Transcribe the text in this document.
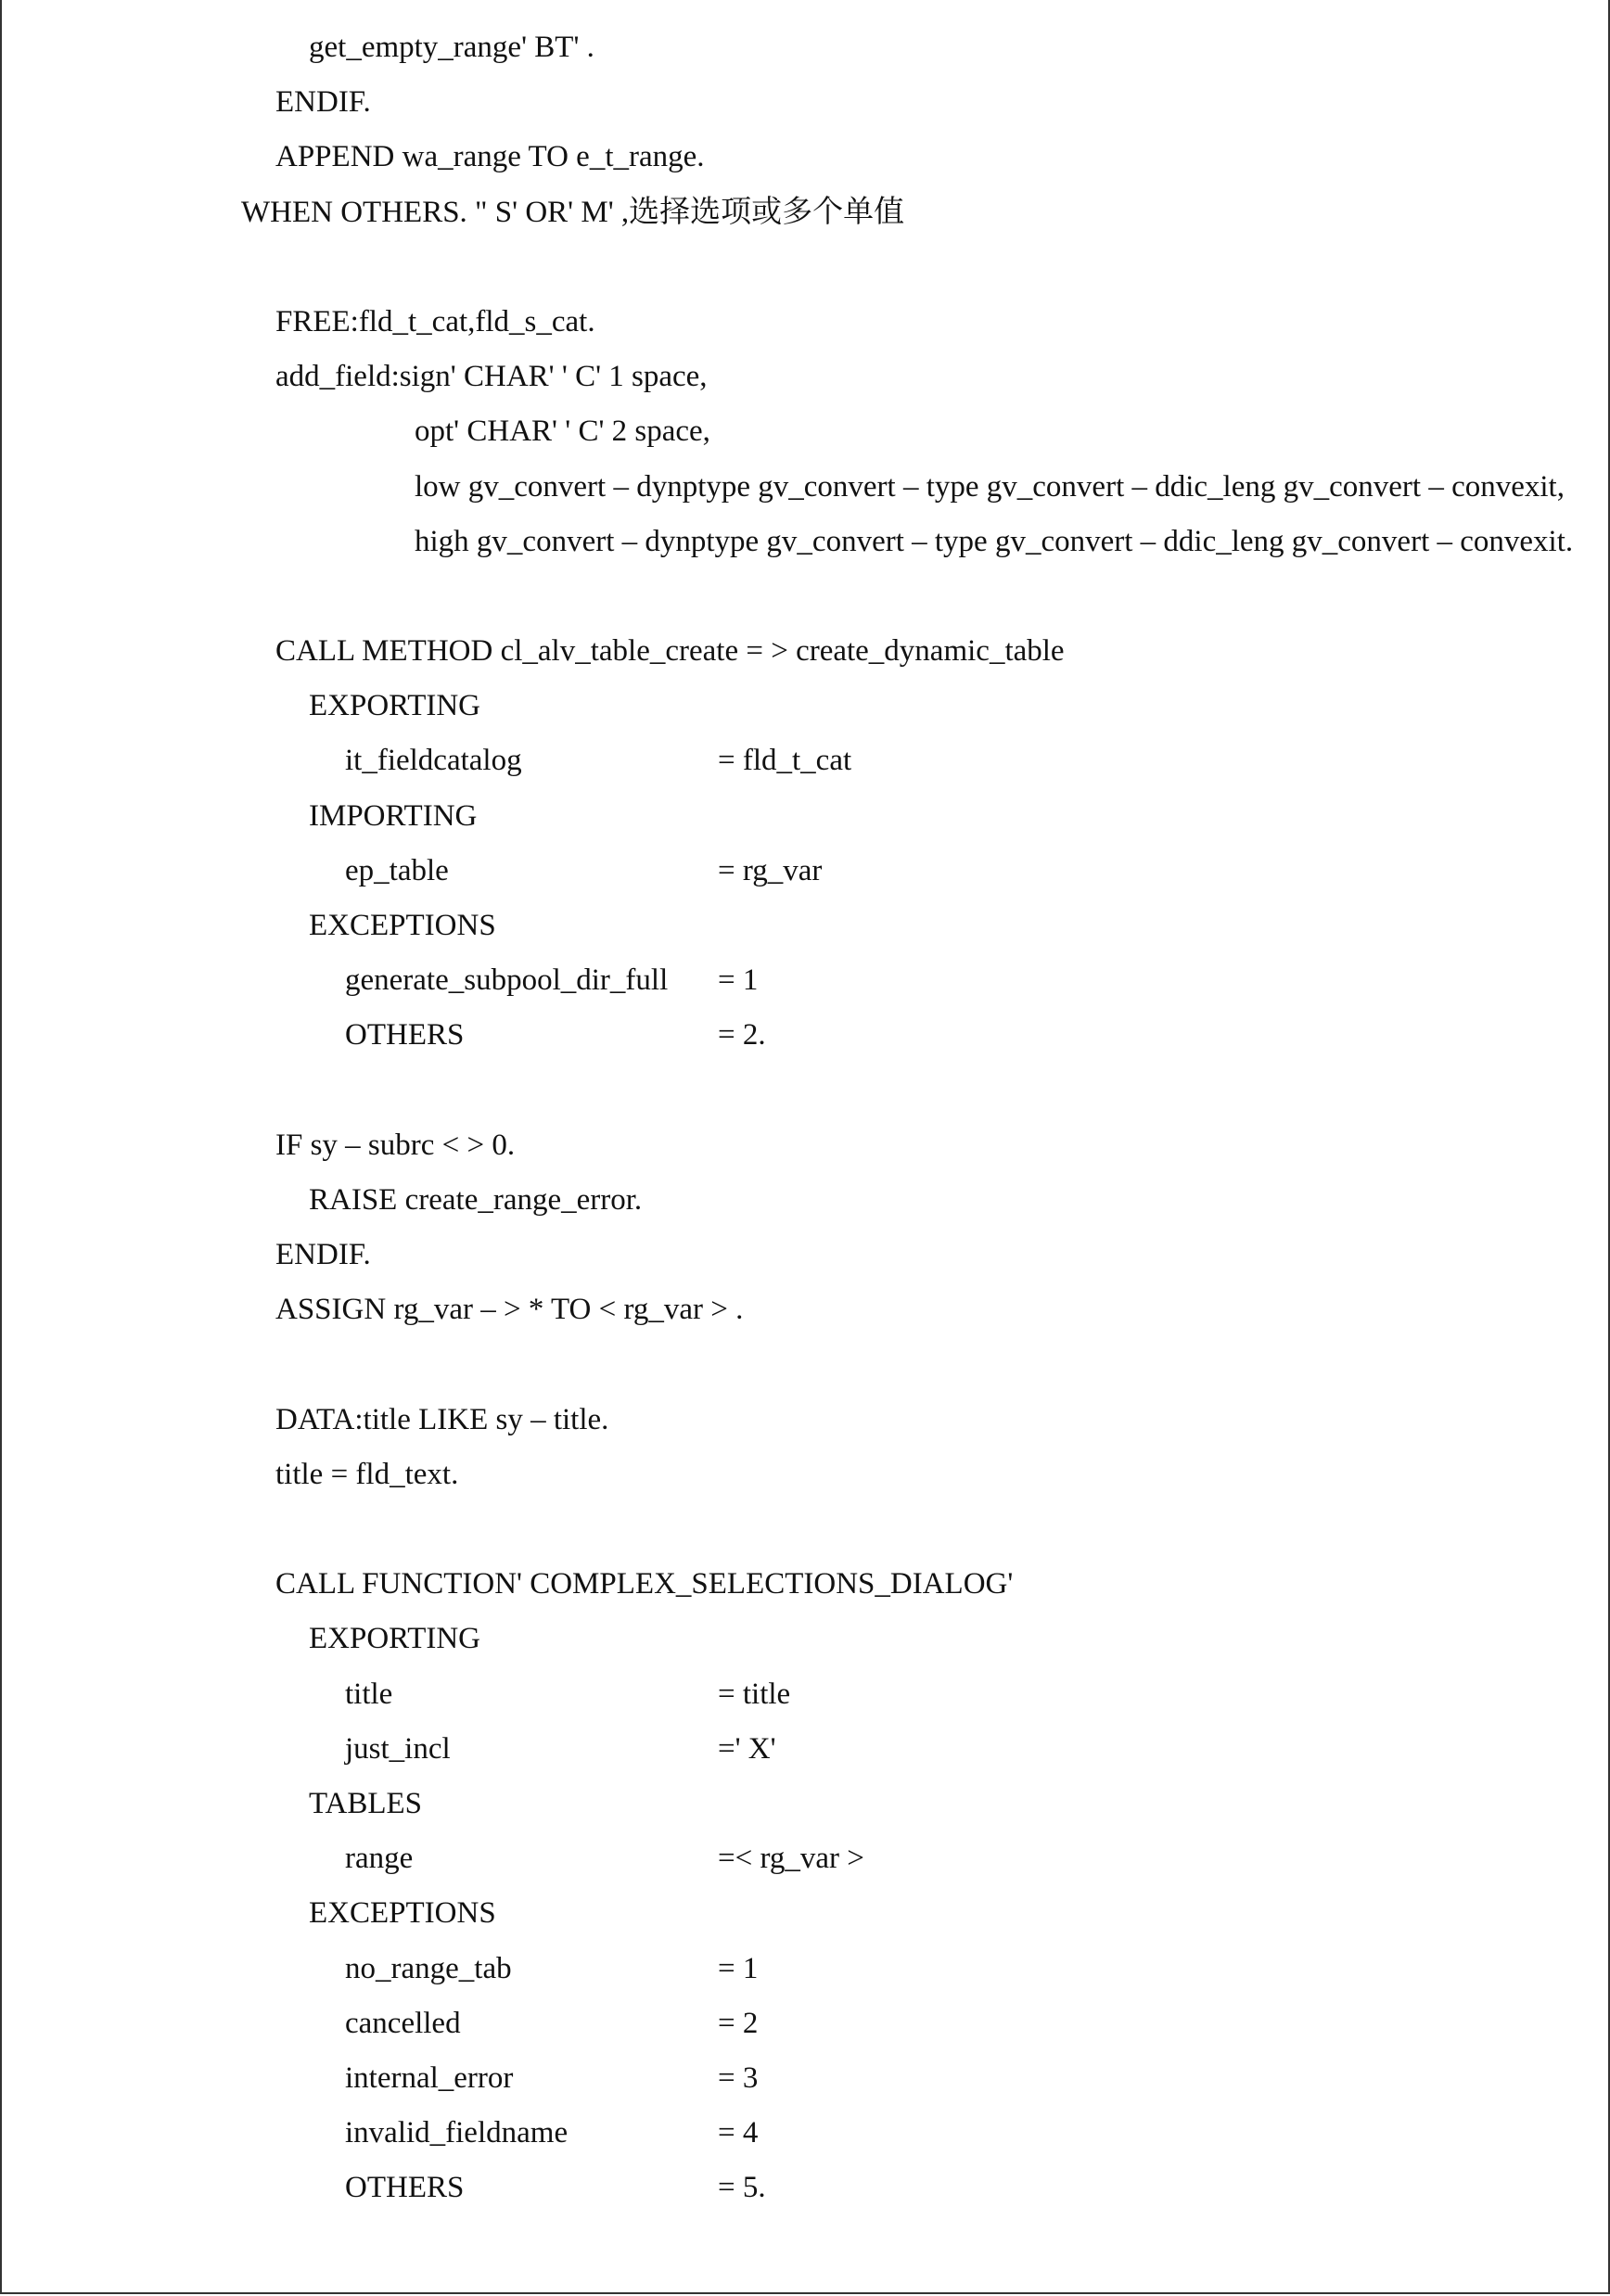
get_empty_range' BT' .
ENDIF.
APPEND wa_range TO e_t_range.
WHEN OTHERS. " S' OR' M' ,选择选项或多个单值
FREE:fld_t_cat,fld_s_cat.
add_field:sign' CHAR' ' C' 1 space,
opt' CHAR' ' C' 2 space,
low gv_convert – dynptype gv_convert – type gv_convert – ddic_leng gv_convert – convexit,
high gv_convert – dynptype gv_convert – type gv_convert – ddic_leng gv_convert – convexit.
CALL METHOD cl_alv_table_create = > create_dynamic_table
EXPORTING
it_fieldcatalog	= fld_t_cat
IMPORTING
ep_table	= rg_var
EXCEPTIONS
generate_subpool_dir_full	= 1
OTHERS	= 2.
IF sy – subrc < > 0.
RAISE create_range_error.
ENDIF.
ASSIGN rg_var – > * TO < rg_var > .
DATA:title LIKE sy – title.
title = fld_text.
CALL FUNCTION' COMPLEX_SELECTIONS_DIALOG'
EXPORTING
title	= title
just_incl	=' X'
TABLES
range	=< rg_var >
EXCEPTIONS
no_range_tab	= 1
cancelled	= 2
internal_error	= 3
invalid_fieldname	= 4
OTHERS	= 5.
